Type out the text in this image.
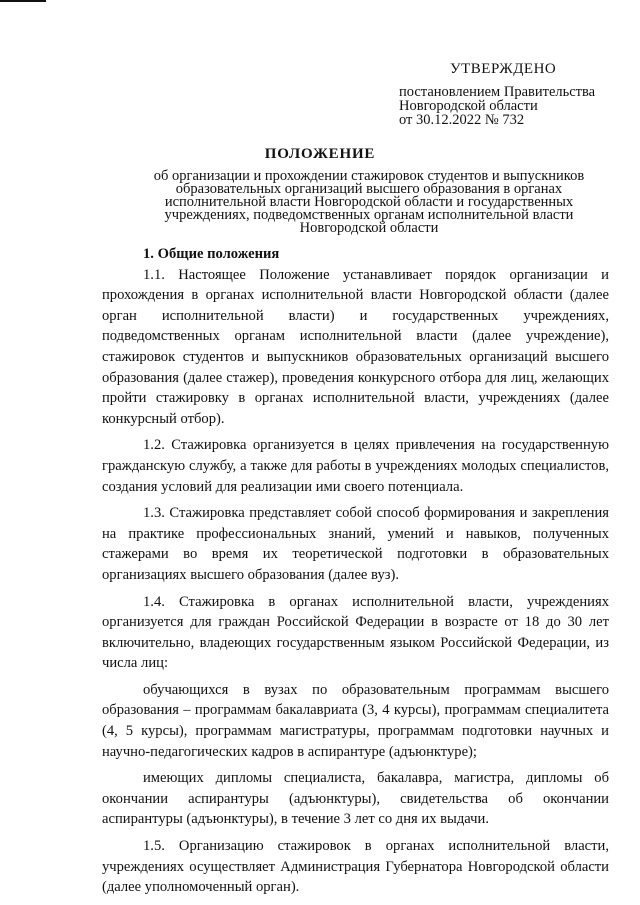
УТВЕРЖДЕНО
постановлением Правительства
Новгородской области
от 30.12.2022 № 732
ПОЛОЖЕНИЕ
об организации и прохождении стажировок студентов и выпускников
образовательных организаций высшего образования в органах
исполнительной власти Новгородской области и государственных
учреждениях, подведомственных органам исполнительной власти
Новгородской области

1. Общие положения

1.1. Настоящее Положение устанавливает порядок организации и прохождения в органах исполнительной власти Новгородской области (далее орган исполнительной власти) и государственных учреждениях, подведомственных органам исполнительной власти (далее учреждение), стажировок студентов и выпускников образовательных организаций высшего образования (далее стажер), проведения конкурсного отбора для лиц, желающих пройти стажировку в органах исполнительной власти, учреждениях (далее конкурсный отбор).

1.2. Стажировка организуется в целях привлечения на государственную гражданскую службу, а также для работы в учреждениях молодых специалистов, создания условий для реализации ими своего потенциала.

1.3. Стажировка представляет собой способ формирования и закрепления на практике профессиональных знаний, умений и навыков, полученных стажерами во время их теоретической подготовки в образовательных организациях высшего образования (далее вуз).

1.4. Стажировка в органах исполнительной власти, учреждениях организуется для граждан Российской Федерации в возрасте от 18 до 30 лет включительно, владеющих государственным языком Российской Федерации, из числа лиц:

обучающихся в вузах по образовательным программам высшего образования – программам бакалавриата (3, 4 курсы), программам специалитета (4, 5 курсы), программам магистратуры, программам подготовки научных и научно-педагогических кадров в аспирантуре (адъюнктуре);

имеющих дипломы специалиста, бакалавра, магистра, дипломы об окончании аспирантуры (адъюнктуры), свидетельства об окончании аспирантуры (адъюнктуры), в течение 3 лет со дня их выдачи.

1.5. Организацию стажировок в органах исполнительной власти, учреждениях осуществляет Администрация Губернатора Новгородской области (далее уполномоченный орган).
